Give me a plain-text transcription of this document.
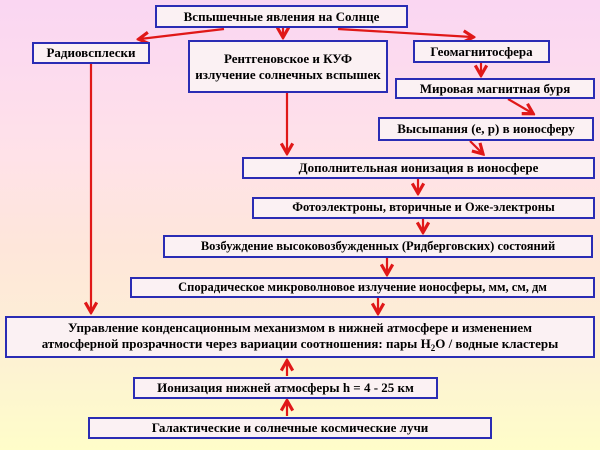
Вспышечные явления на Солнце
Радиовсплески	Рентгеновское и КУФ излучение солнечных вспышек
Геомагнитосфера
Мировая магнитная буря
Высыпания (е, р) в ионосферу
Дополнительная ионизация в ионосфере
Фотоэлектроны, вторичные и Оже-электроны
Возбуждение высоковозбужденных (Ридберговских) состояний
Спорадическое микроволновое излучение ионосферы, мм, см, дм
Управление конденсационным механизмом в нижней атмосфере и изменением
атмосферной прозрачности через вариации соотношения: пары $H_2O$ / водные кластеры
Ионизация нижней атмосферы h = 4 - 25 км
Галактические и солнечные космические лучи
